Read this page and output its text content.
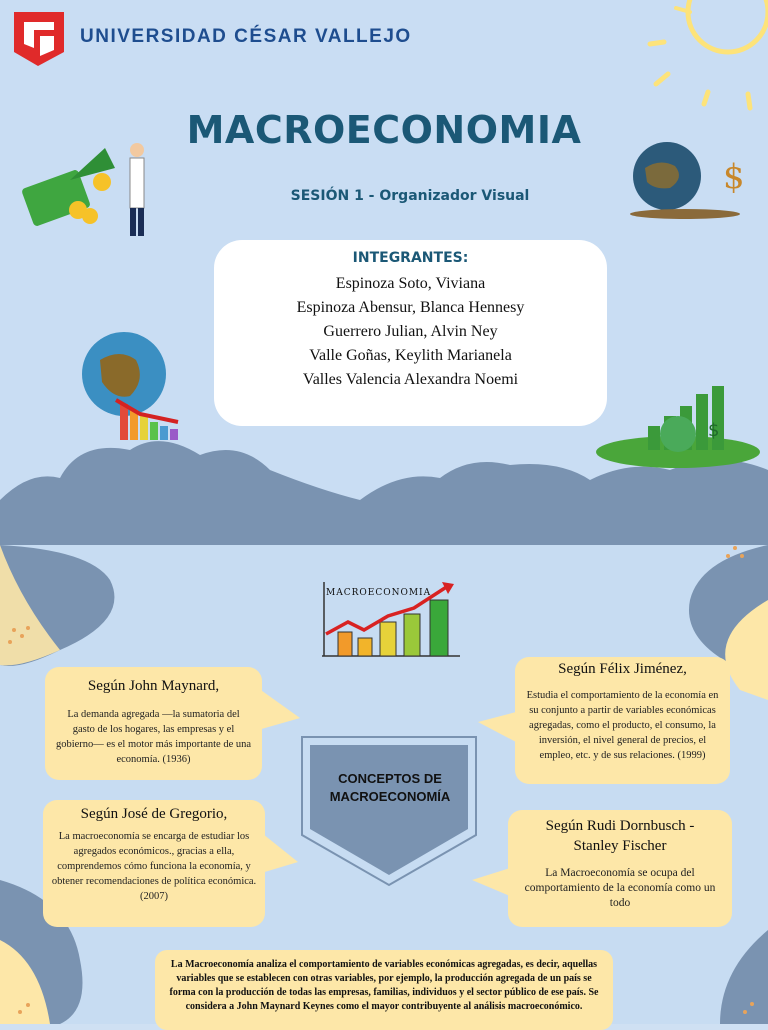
UNIVERSIDAD CÉSAR VALLEJO
MACROECONOMIA
SESIÓN 1 - Organizador Visual	$
$
INTEGRANTES:
Espinoza Soto, Viviana
Espinoza Abensur, Blanca Hennesy
Guerrero Julian, Alvin Ney
Valle Goñas, Keylith Marianela
Valles Valencia Alexandra Noemi
MACROECONOMIA
CONCEPTOS DE
MACROECONOMÍA
Según John Maynard,
La demanda agregada —la sumatoria del gasto de los hogares, las empresas y el gobierno— es el motor más importante de una economía. (1936)
Según José de Gregorio,
La macroeconomía se encarga de estudiar los agregados económicos., gracias a ella, comprendemos cómo funciona la economía, y obtener recomendaciones de política económica. (2007)
Según Félix Jiménez,
Estudia el comportamiento de la economía en su conjunto a partir de variables económicas agregadas, como el producto, el consumo, la inversión, el nivel general de precios, el empleo, etc. y de sus relaciones. (1999)
Según Rudi Dornbusch - Stanley Fischer
La Macroeconomía se ocupa del comportamiento de la economía como un todo

La Macroeconomía analiza el comportamiento de variables económicas agregadas, es decir, aquellas variables que se establecen con otras variables, por ejemplo, la producción agregada de un país se forma con la producción de todas las empresas, familias, individuos y el sector público de ese país. Se considera a John Maynard Keynes como el mayor contribuyente al análisis macroeconómico.
